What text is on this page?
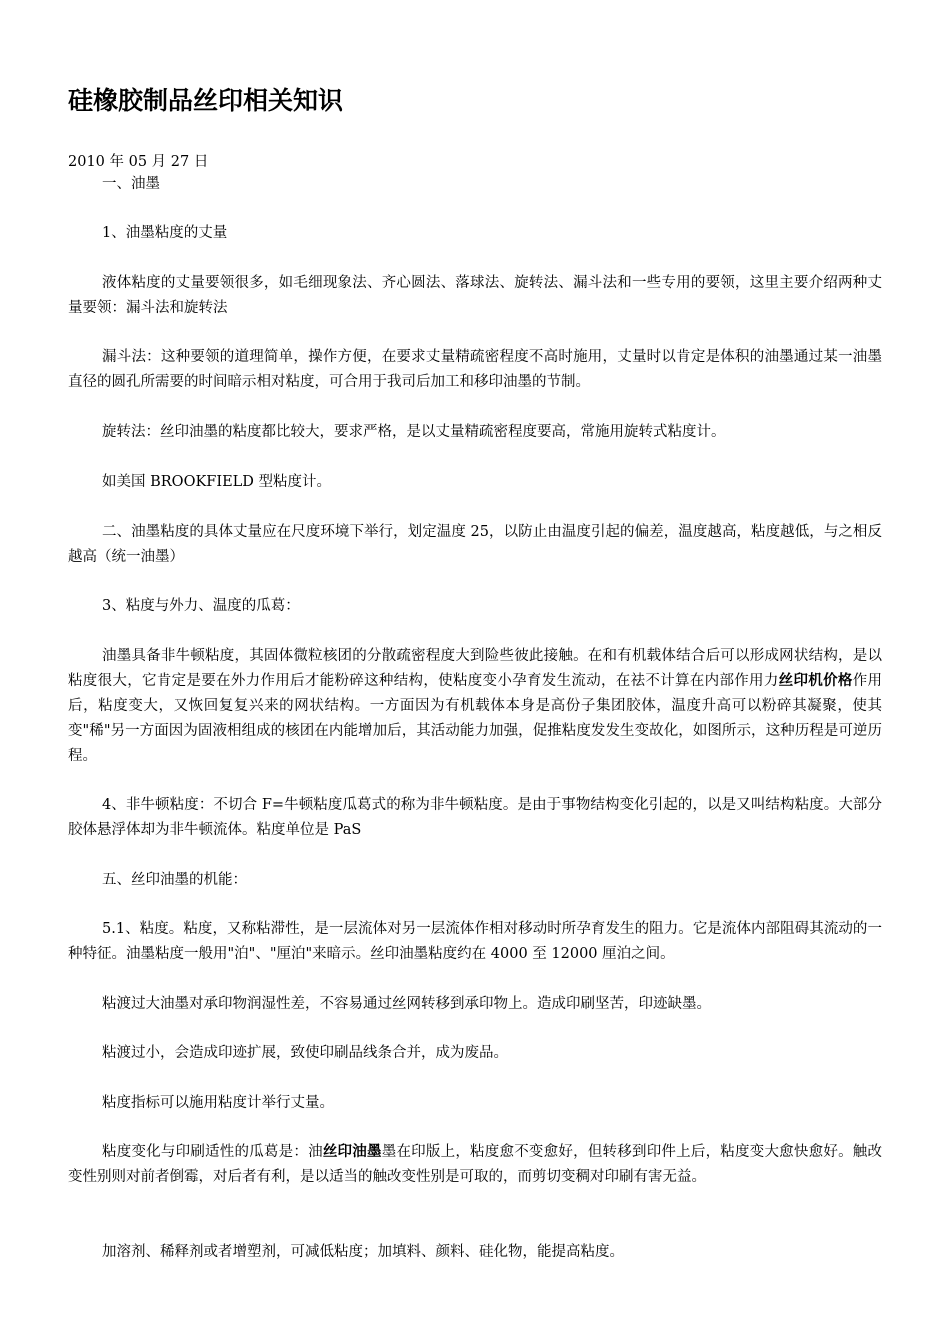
硅橡胶制品丝印相关知识

2010 年 05 月 27 日

一、油墨

1、油墨粘度的丈量

液体粘度的丈量要领很多，如毛细现象法、齐心圆法、落球法、旋转法、漏斗法和一些专用的要领，这里主要介绍两种丈量要领：漏斗法和旋转法

漏斗法：这种要领的道理简单，操作方便，在要求丈量精疏密程度不高时施用，丈量时以肯定是体积的油墨通过某一油墨直径的圆孔所需要的时间暗示相对粘度，可合用于我司后加工和移印油墨的节制。

旋转法：丝印油墨的粘度都比较大，要求严格，是以丈量精疏密程度要高，常施用旋转式粘度计。

如美国 BROOKFIELD 型粘度计。

二、油墨粘度的具体丈量应在尺度环境下举行，划定温度 25，以防止由温度引起的偏差，温度越高，粘度越低，与之相反越高（统一油墨）

3、粘度与外力、温度的瓜葛：

油墨具备非牛顿粘度，其固体微粒核团的分散疏密程度大到险些彼此接触。在和有机载体结合后可以形成网状结构，是以粘度很大，它肯定是要在外力作用后才能粉碎这种结构，使粘度变小孕育发生流动，在祛不计算在内部作用力丝印机价格作用后，粘度变大，又恢回复复兴来的网状结构。一方面因为有机载体本身是高份子集团胶体，温度升高可以粉碎其凝聚，使其变"稀"另一方面因为固液相组成的核团在内能增加后，其活动能力加强，促推粘度发发生变故化，如图所示，这种历程是可逆历程。

4、非牛顿粘度：不切合 F=牛顿粘度瓜葛式的称为非牛顿粘度。是由于事物结构变化引起的，以是又叫结构粘度。大部分胶体悬浮体却为非牛顿流体。粘度单位是 PaS

五、丝印油墨的机能：

5.1、粘度。粘度，又称粘滞性，是一层流体对另一层流体作相对移动时所孕育发生的阻力。它是流体内部阻碍其流动的一种特征。油墨粘度一般用"泊"、"厘泊"来暗示。丝印油墨粘度约在 4000 至 12000 厘泊之间。

粘渡过大油墨对承印物润湿性差，不容易通过丝网转移到承印物上。造成印刷坚苦，印迹缺墨。

粘渡过小，会造成印迹扩展，致使印刷品线条合并，成为废品。

粘度指标可以施用粘度计举行丈量。

粘度变化与印刷适性的瓜葛是：油丝印油墨墨在印版上，粘度愈不变愈好，但转移到印件上后，粘度变大愈快愈好。触改变性别则对前者倒霉，对后者有利，是以适当的触改变性别是可取的，而剪切变稠对印刷有害无益。

加溶剂、稀释剂或者增塑剂，可减低粘度；加填料、颜料、硅化物，能提高粘度。
